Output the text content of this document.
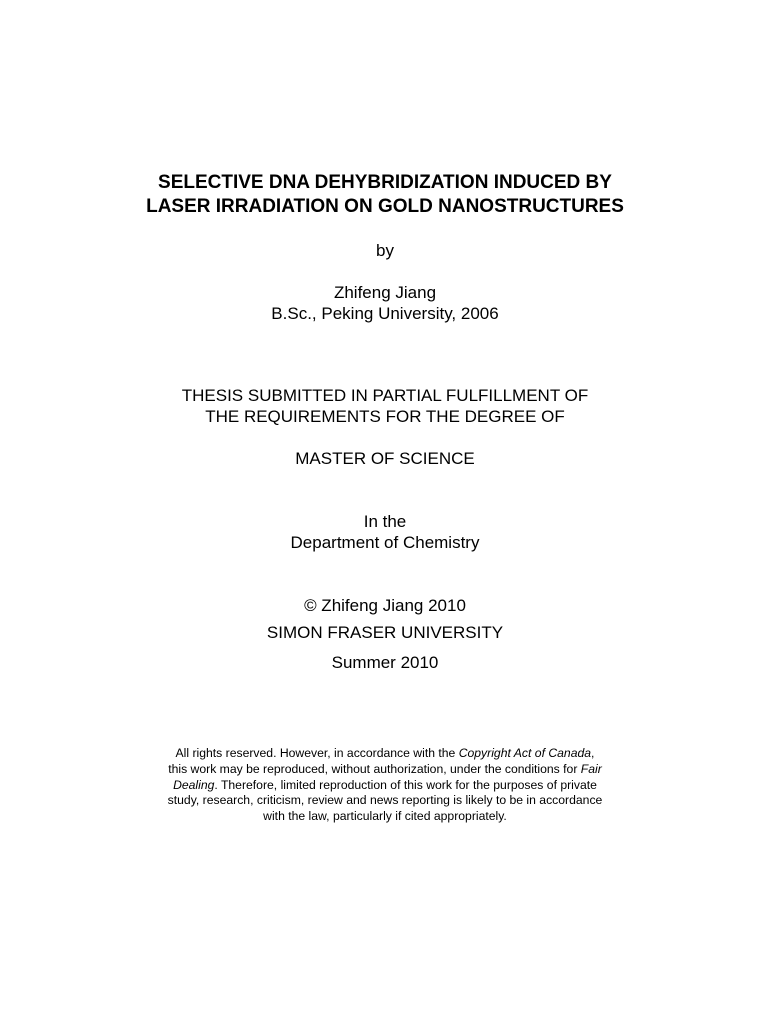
SELECTIVE DNA DEHYBRIDIZATION INDUCED BY
LASER IRRADIATION ON GOLD NANOSTRUCTURES
by
Zhifeng Jiang
B.Sc., Peking University, 2006
THESIS SUBMITTED IN PARTIAL FULFILLMENT OF
THE REQUIREMENTS FOR THE DEGREE OF
MASTER OF SCIENCE
In the
Department of Chemistry
© Zhifeng Jiang 2010
SIMON FRASER UNIVERSITY
Summer 2010

All rights reserved. However, in accordance with the Copyright Act of Canada,

this work may be reproduced, without authorization, under the conditions for Fair

Dealing. Therefore, limited reproduction of this work for the purposes of private

study, research, criticism, review and news reporting is likely to be in accordance

with the law, particularly if cited appropriately.
